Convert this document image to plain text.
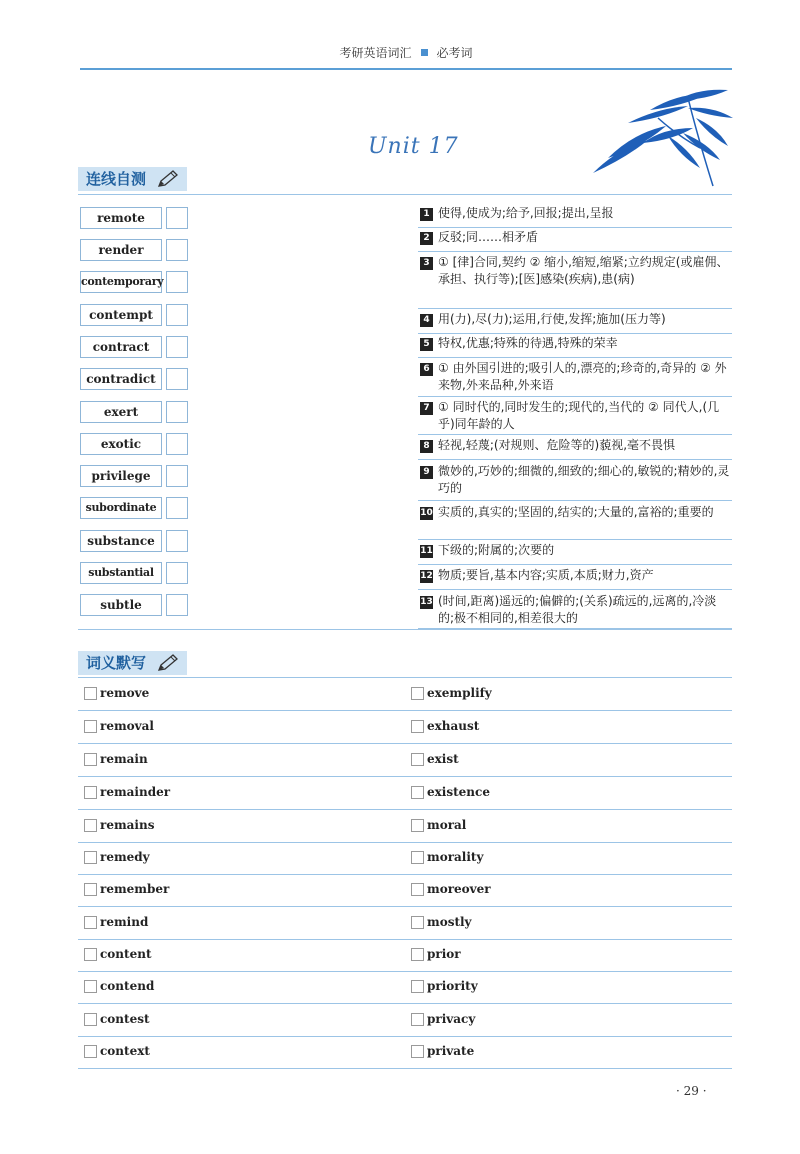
考研英语词汇 必考词
Unit 17
连线自测
remote
render
contemporary
contempt
contract
contradict
exert
exotic
privilege
subordinate
substance
substantial
subtle
1 使得,使成为;给予,回报;提出,呈报
2 反驳;同……相矛盾
3 ① [律]合同,契约 ② 缩小,缩短,缩紧;立约规定(或雇佣、承担、执行等);[医]感染(疾病),患(病)
4 用(力),尽(力);运用,行使,发挥;施加(压力等)
5 特权,优惠;特殊的待遇,特殊的荣幸
6 ① 由外国引进的;吸引人的,漂亮的;珍奇的,奇异的 ② 外来物,外来品种,外来语
7 ① 同时代的,同时发生的;现代的,当代的 ② 同代人,(几乎)同年龄的人
8 轻视,轻蔑;(对规则、危险等的)藐视,毫不畏惧
9 微妙的,巧妙的;细微的,细致的;细心的,敏锐的;精妙的,灵巧的
10 实质的,真实的;坚固的,结实的;大量的,富裕的;重要的
11 下级的;附属的;次要的
12 物质;要旨,基本内容;实质,本质;财力,资产
13 (时间,距离)遥远的;偏僻的;(关系)疏远的,远离的,冷淡的;极不相同的,相差很大的
词义默写
remove	exemplify
removal	exhaust
remain	exist
remainder	existence
remains	moral
remedy	morality
remember	moreover
remind	mostly
content	prior
contend	priority
contest	privacy
context	private
· 29 ·
